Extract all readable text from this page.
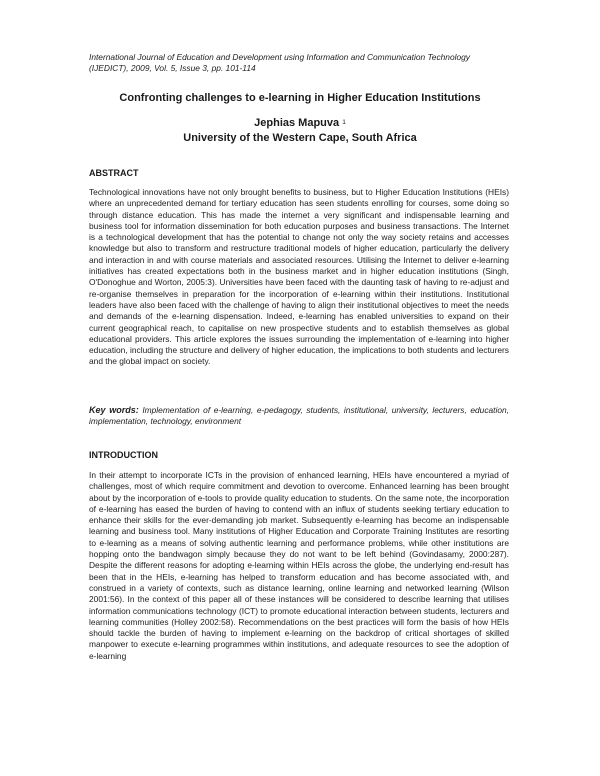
International Journal of Education and Development using Information and Communication Technology
(IJEDICT), 2009, Vol. 5, Issue 3, pp. 101-114
Confronting challenges to e-learning in Higher Education Institutions
Jephias Mapuva $^1$
University of the Western Cape, South Africa
ABSTRACT
Technological innovations have not only brought benefits to business, but to Higher Education Institutions (HEIs) where an unprecedented demand for tertiary education has seen students enrolling for courses, some doing so through distance education. This has made the internet a very significant and indispensable learning and business tool for information dissemination for both education purposes and business transactions. The Internet is a technological development that has the potential to change not only the way society retains and accesses knowledge but also to transform and restructure traditional models of higher education, particularly the delivery and interaction in and with course materials and associated resources. Utilising the Internet to deliver e-learning initiatives has created expectations both in the business market and in higher education institutions (Singh, O'Donoghue and Worton, 2005:3). Universities have been faced with the daunting task of having to re-adjust and re-organise themselves in preparation for the incorporation of e-learning within their institutions. Institutional leaders have also been faced with the challenge of having to align their institutional objectives to meet the needs and demands of the e-learning dispensation. Indeed, e-learning has enabled universities to expand on their current geographical reach, to capitalise on new prospective students and to establish themselves as global educational providers. This article explores the issues surrounding the implementation of e-learning into higher education, including the structure and delivery of higher education, the implications to both students and lecturers and the global impact on society.
Key words: Implementation of e-learning, e-pedagogy, students, institutional, university, lecturers, education, implementation, technology, environment
INTRODUCTION
In their attempt to incorporate ICTs in the provision of enhanced learning, HEIs have encountered a myriad of challenges, most of which require commitment and devotion to overcome. Enhanced learning has been brought about by the incorporation of e-tools to provide quality education to students. On the same note, the incorporation of e-learning has eased the burden of having to contend with an influx of students seeking tertiary education to enhance their skills for the ever-demanding job market. Subsequently e-learning has become an indispensable learning and business tool. Many institutions of Higher Education and Corporate Training Institutes are resorting to e-learning as a means of solving authentic learning and performance problems, while other institutions are hopping onto the bandwagon simply because they do not want to be left behind (Govindasamy, 2000:287). Despite the different reasons for adopting e-learning within HEIs across the globe, the underlying end-result has been that in the HEIs, e-learning has helped to transform education and has become associated with, and construed in a variety of contexts, such as distance learning, online learning and networked learning (Wilson 2001:56). In the context of this paper all of these instances will be considered to describe learning that utilises information communications technology (ICT) to promote educational interaction between students, lecturers and learning communities (Holley 2002:58). Recommendations on the best practices will form the basis of how HEIs should tackle the burden of having to implement e-learning on the backdrop of critical shortages of skilled manpower to execute e-learning programmes within institutions, and adequate resources to see the adoption of e-learning
